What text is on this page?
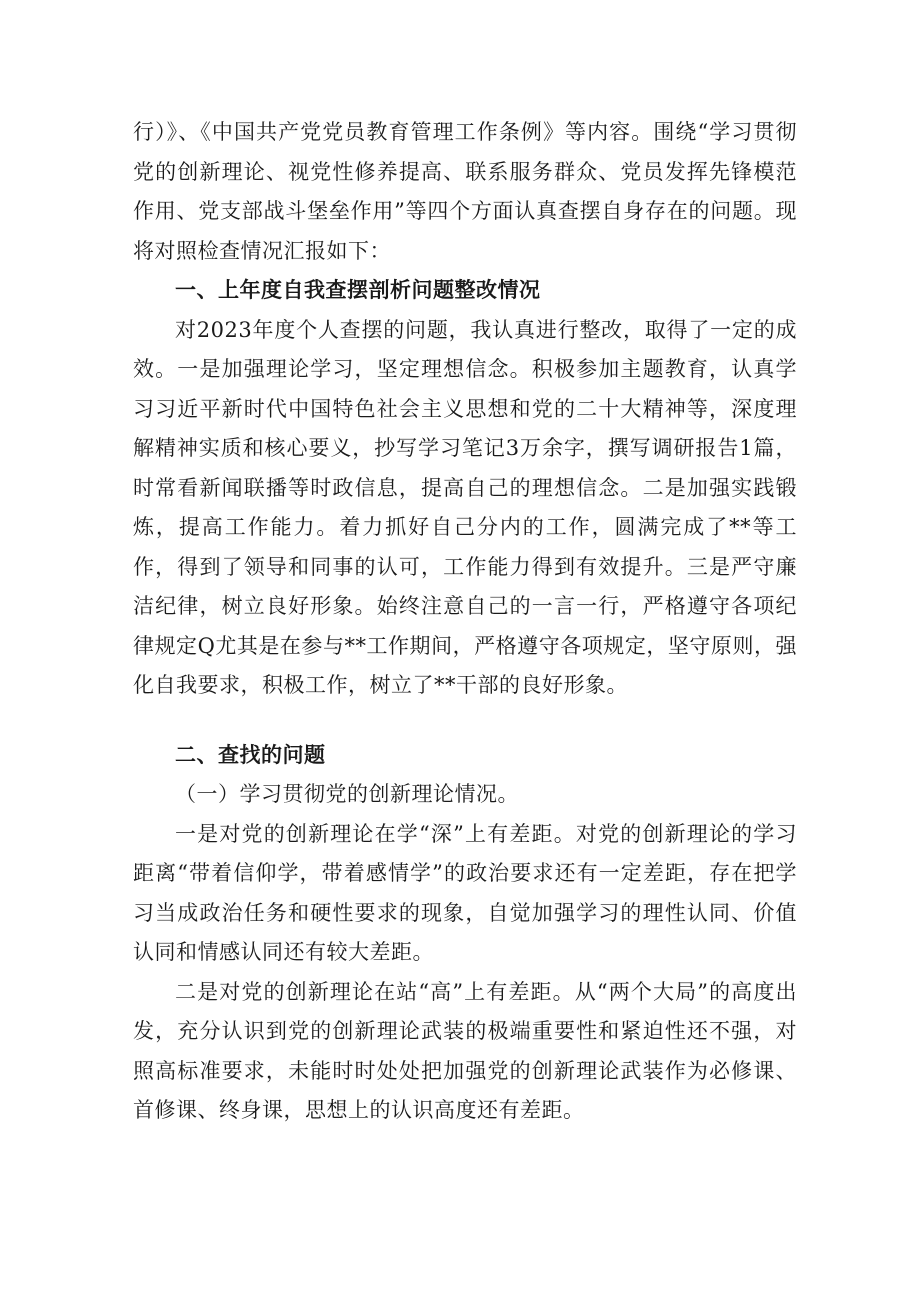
行）》、《中国共产党党员教育管理工作条例》等内容。围绕“学习贯彻党的创新理论、视党性修养提高、联系服务群众、党员发挥先锋模范作用、党支部战斗堡垒作用”等四个方面认真查摆自身存在的问题。现将对照检查情况汇报如下：

一、上年度自我查摆剖析问题整改情况

对2023年度个人查摆的问题，我认真进行整改，取得了一定的成效。一是加强理论学习，坚定理想信念。积极参加主题教育，认真学习习近平新时代中国特色社会主义思想和党的二十大精神等，深度理解精神实质和核心要义，抄写学习笔记3万余字，撰写调研报告1篇，时常看新闻联播等时政信息，提高自己的理想信念。二是加强实践锻炼，提高工作能力。着力抓好自己分内的工作，圆满完成了**等工作，得到了领导和同事的认可，工作能力得到有效提升。三是严守廉洁纪律，树立良好形象。始终注意自己的一言一行，严格遵守各项纪律规定Q尤其是在参与**工作期间，严格遵守各项规定，坚守原则，强化自我要求，积极工作，树立了**干部的良好形象。

二、查找的问题

（一）学习贯彻党的创新理论情况。

一是对党的创新理论在学“深”上有差距。对党的创新理论的学习距离“带着信仰学，带着感情学”的政治要求还有一定差距，存在把学习当成政治任务和硬性要求的现象，自觉加强学习的理性认同、价值认同和情感认同还有较大差距。

二是对党的创新理论在站“高”上有差距。从“两个大局”的高度出发，充分认识到党的创新理论武装的极端重要性和紧迫性还不强，对照高标准要求，未能时时处处把加强党的创新理论武装作为必修课、首修课、终身课，思想上的认识高度还有差距。
